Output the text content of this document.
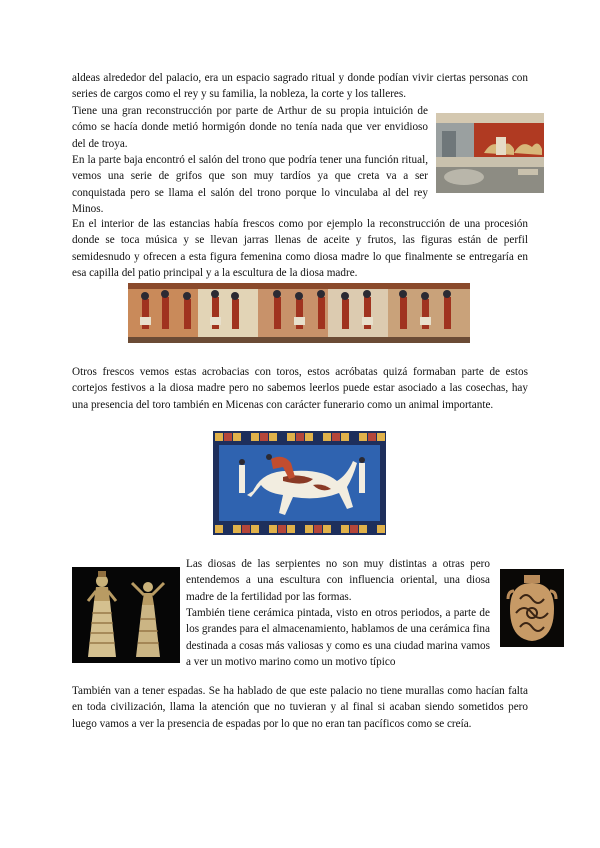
aldeas alrededor del palacio, era un espacio sagrado ritual y donde podían vivir ciertas personas con series de cargos como el rey y su familia, la nobleza, la corte y los talleres.

Tiene una gran reconstrucción por parte de Arthur de su propia intuición de cómo se hacía donde metió hormigón donde no tenía nada que ver envidioso del de troya.

En la parte baja encontró el salón del trono que podría tener una función ritual, vemos una serie de grifos que son muy tardíos ya que creta va a ser conquistada pero se llama el salón del trono porque lo vinculaba al del rey Minos.

En el interior de las estancias había frescos como por ejemplo la reconstrucción de una procesión donde se toca música y se llevan jarras llenas de aceite y frutos, las figuras están de perfil semidesnudo y ofrecen a esta figura femenina como diosa madre lo que finalmente se entregaría en esa capilla del patio principal y a la escultura de la diosa madre.

Otros frescos vemos estas acrobacias con toros, estos acróbatas quizá formaban parte de estos cortejos festivos a la diosa madre pero no sabemos leerlos puede estar asociado a las cosechas, hay una presencia del toro también en Micenas con carácter funerario como un animal importante.

Las diosas de las serpientes no son muy distintas a otras pero entendemos a una escultura con influencia oriental, una diosa madre de la fertilidad por las formas.

También tiene cerámica pintada, visto en otros periodos, a parte de los grandes para el almacenamiento, hablamos de una cerámica fina destinada a cosas más valiosas y como es una ciudad marina vamos a ver un motivo marino como un motivo típico

También van a tener espadas. Se ha hablado de que este palacio no tiene murallas como hacían falta en toda civilización, llama la atención que no tuvieran y al final si acaban siendo sometidos pero luego vamos a ver la presencia de espadas por lo que no eran tan pacíficos como se creía.
